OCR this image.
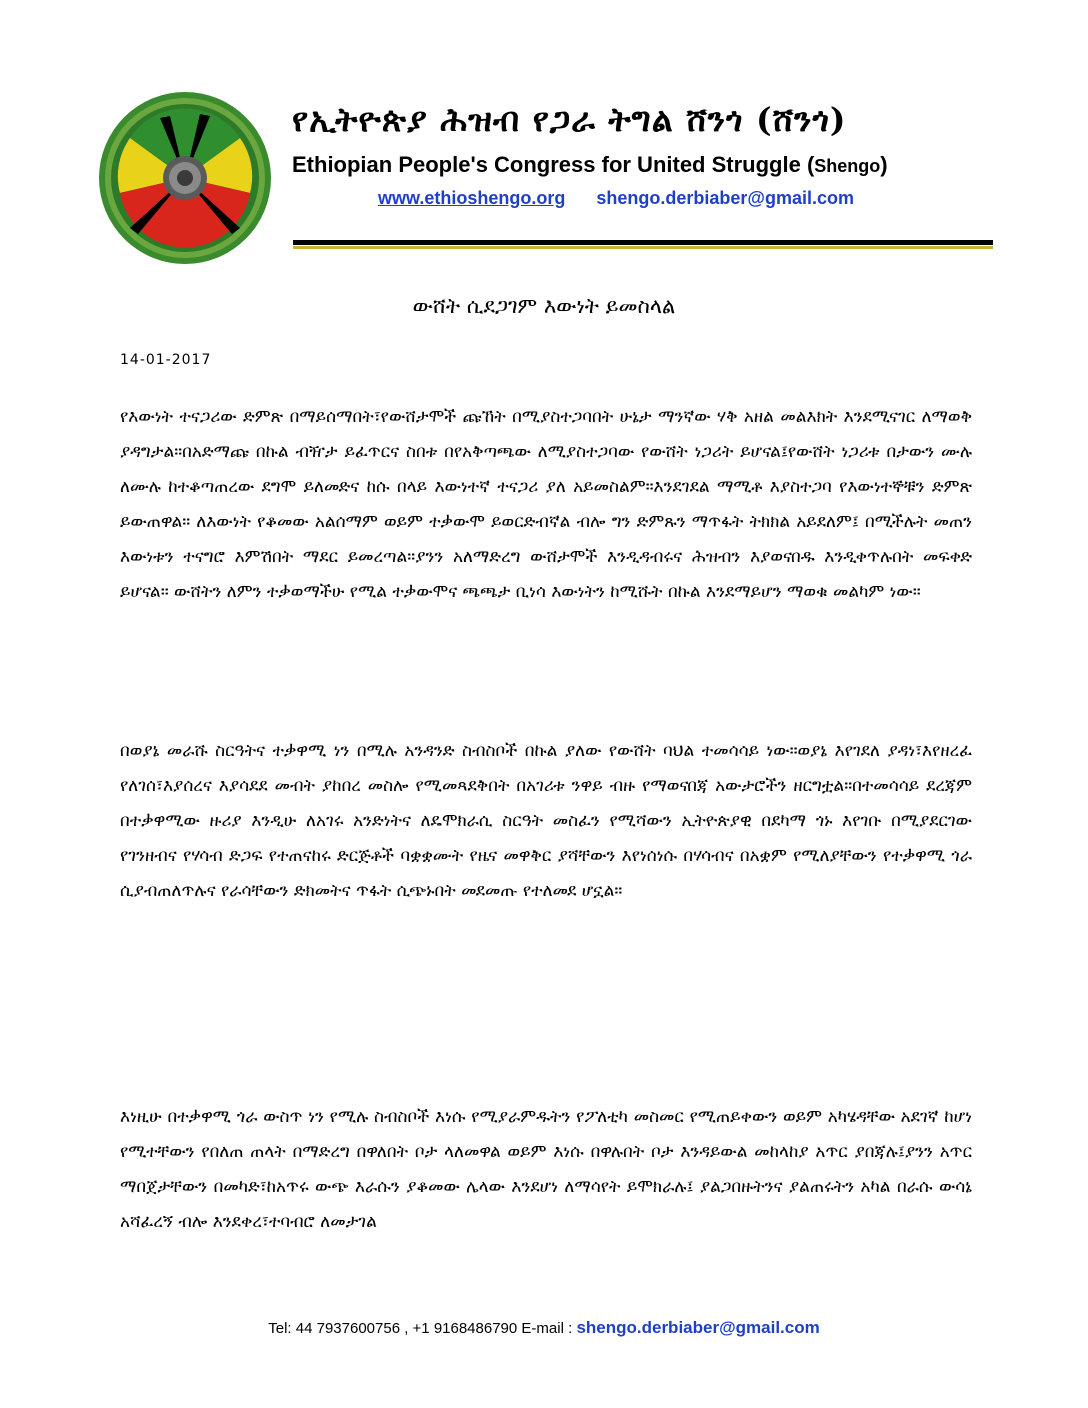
የኢትዮጵያ ሕዝብ የጋራ ትግል ሸንጎ (ሸንጎ)
Ethiopian People's Congress for United Struggle (Shengo)
www.ethioshengo.org shengo.derbiaber@gmail.com
ውሸት ሲደጋገም እውነት ይመስላል
14-01-2017
የእውነት ተናጋሪው ድምጽ በማይሰማበት፣የውሸታሞች ጩኸት በሚያስተጋባበት ሁኔታ ማንኛው ሃቅ አዘል መልእክት እንደሚናገር ለማወቅ ያዳግታል።በአድማጩ በኩል ብዥታ ይፈጥርና ስበቱ በየአቅጣጫው ለሚያስተጋባው የውሸት ነጋሪት ይሆናል፤የውሸት ነጋሪቱ በታውን ሙሉ ለሙሉ ከተቆጣጠረው ደግሞ ይለመድና ከሱ በላይ እውነተኛ ተናጋሪ ያለ አይመስልም።እንደገደል ማሚቶ እያስተጋባ የእውነተኞቹን ድምጽ ይውጠዋል። ለእውነት የቆመው አልሰማም ወይም ተቃውሞ ይወርድብኛል ብሎ ግን ድምጹን ማጥፋት ትክክል አይደለም፤ በሚችሉት መጠን እውነቱን ተናግሮ እምሽበት ማደር ይመረጣል።ያንን አለማድረግ ውሸታሞች እንዲዳብሩና ሕዝብን እያወናበዱ እንዲቀጥሉበት መፍቀድ ይሆናል። ውሸትን ለምን ተቃወማችሁ የሚል ተቃውሞና ጫጫታ ቢነሳ እውነትን ከሚሹት በኩል እንደማይሆን ማወቁ መልካም ነው።
በወያኔ መራሹ ስርዓትና ተቃዋሚ ነን በሚሉ አንዳንድ ስብስቦች በኩል ያለው የውሸት ባህል ተመሳሳይ ነው።ወያኔ እየገደለ ያዳነ፣እየዘረፈ የለገሰ፣እያሰረና እያሳደደ መብት ያከበረ መስሎ የሚመጻደቅበት በአገሪቱ ንዋይ ብዙ የማወናበጃ አውታሮችን ዘርግቷል።በተመሳሳይ ደረጃም በተቃዋሚው ዙሪያ እንዲሁ ለአገሩ አንድነትና ለዴሞክራሲ ስርዓት መስፈን የሚሻውን ኢትዮጵያዊ በደካማ ጎኑ እየገቡ በሚያደርገው የገንዘብና የሃሳብ ድጋፍ የተጠናከሩ ድርጅቶች ባቋቋሙት የዜና መዋቅር ያሻቸውን እየነሰነሱ በሃሳብና በአቋም የሚለያቸውን የተቃዋሚ ጎራ ሲያብጠለጥሉና የራሳቸውን ድክመትና ጥፋት ሲጭኑበት መደመጡ የተለመደ ሆኗል።
እነዚሁ በተቃዋሚ ጎራ ውስጥ ነን የሚሉ ስብስቦች እነሱ የሚያራምዱትን የፖለቲካ መስመር የሚጠይቀውን ወይም አካሄዳቸው አደገኛ ከሆነ የሚተቸውን የበለጠ ጠላት በማድረግ በዋለበት ቦታ ላለመዋል ወይም እነሱ በዋሉበት ቦታ እንዳይውል መከላከያ አጥር ያበጃሉ፤ያንን አጥር ማበጀታቸውን በመካድ፣ከአጥሩ ውጭ እራሱን ያቆመው ሌላው እንደሆነ ለማሳየት ይሞክራሉ፤ ያልጋበዙትንና ያልጠሩትን አካል በራሱ ውሳኔ አሻፈረኝ ብሎ እንደቀረ፣ተባብሮ ለመታገል
Tel: 44 7937600756 , +1 9168486790 E-mail : shengo.derbiaber@gmail.com
